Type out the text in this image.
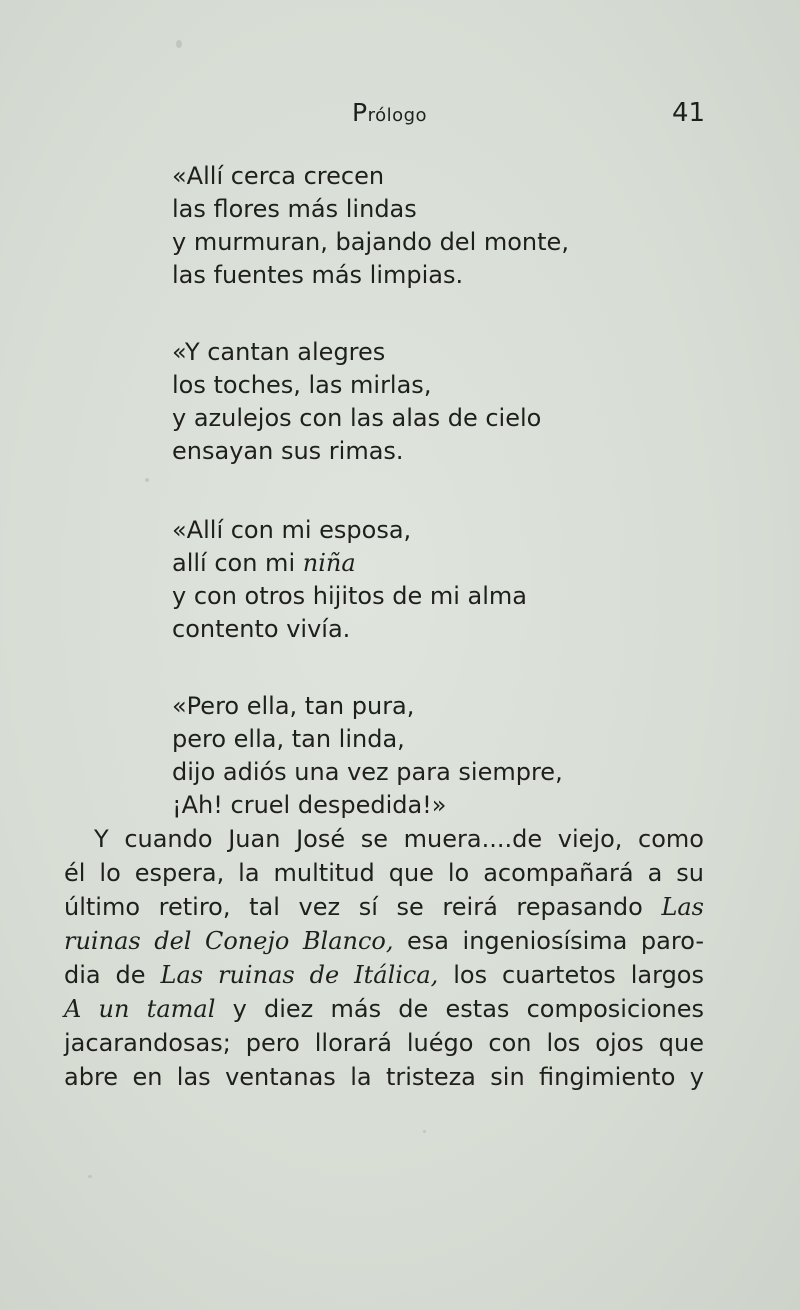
Prólogo	41
«Allí cerca crecen
las flores más lindas
y murmuran, bajando del monte,
las fuentes más limpias.
«Y cantan alegres
los toches, las mirlas,
y azulejos con las alas de cielo
ensayan sus rimas.
«Allí con mi esposa,
allí con mi niña
y con otros hijitos de mi alma
contento vivía.
«Pero ella, tan pura,
pero ella, tan linda,
dijo adiós una vez para siempre,
¡Ah! cruel despedida!»
Y cuando Juan José se muera....de viejo, como
él lo espera, la multitud que lo acompañará a su
último retiro, tal vez sí se reirá repasando Las
ruinas del Conejo Blanco, esa ingeniosísima paro-
dia de Las ruinas de Itálica, los cuartetos largos
A un tamal y diez más de estas composiciones
jacarandosas; pero llorará luégo con los ojos que
abre en las ventanas la tristeza sin fingimiento y
